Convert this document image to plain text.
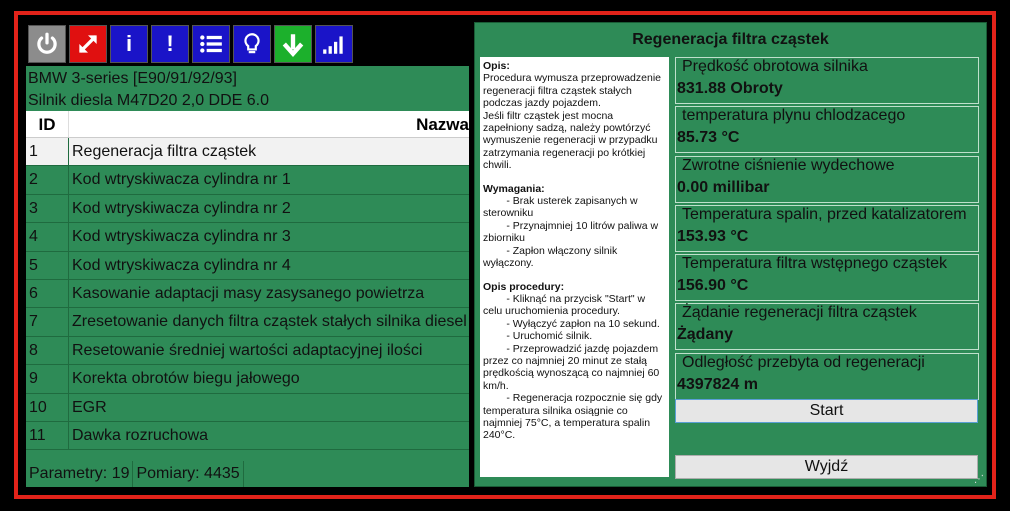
i !
BMW 3-series [E90/91/92/93]
Silnik diesla M47D20 2,0 DDE 6.0
ID	Nazwa
1	Regeneracja filtra cząstek
2	Kod wtryskiwacza cylindra nr 1
3	Kod wtryskiwacza cylindra nr 2
4	Kod wtryskiwacza cylindra nr 3
5	Kod wtryskiwacza cylindra nr 4
6	Kasowanie adaptacji masy zasysanego powietrza
7	Zresetowanie danych filtra cząstek stałych silnika diesel
8	Resetowanie średniej wartości adaptacyjnej ilości
9	Korekta obrotów biegu jałowego
10	EGR
11	Dawka rozruchowa
Parametry: 19 Pomiary: 4435
Regeneracja filtra cząstek
Opis:

Procedura wymusza przeprowadzenie regeneracji filtra cząstek stałych podczas jazdy pojazdem.
Jeśli filtr cząstek jest mocna zapełniony sadzą, należy powtórzyć wymuszenie regeneracji w przypadku zatrzymania regeneracji po krótkiej chwili.

Wymagania:

- Brak usterek zapisanych w sterowniku
- Przynajmniej 10 litrów paliwa w zbiorniku
- Zapłon włączony silnik wyłączony.

Opis procedury:

- Kliknąć na przycisk "Start" w celu uruchomienia procedury.
- Wyłączyć zapłon na 10 sekund.
- Uruchomić silnik.
- Przeprowadzić jazdę pojazdem przez co najmniej 20 minut ze stałą prędkością wynoszącą co najmniej 60 km/h.
- Regeneracja rozpocznie się gdy temperatura silnika osiągnie co najmniej 75°C, a temperatura spalin 240°C.

Prędkość obrotowa silnika
831.88 Obroty
temperatura plynu chlodzacego
85.73 °C
Zwrotne ciśnienie wydechowe
0.00 millibar
Temperatura spalin, przed katalizatorem
153.93 °C
Temperatura filtra wstępnego cząstek
156.90 °C
Żądanie regeneracji filtra cząstek
Żądany
Odległość przebyta od regeneracji
4397824 m
Start
Wyjdź
⋰
